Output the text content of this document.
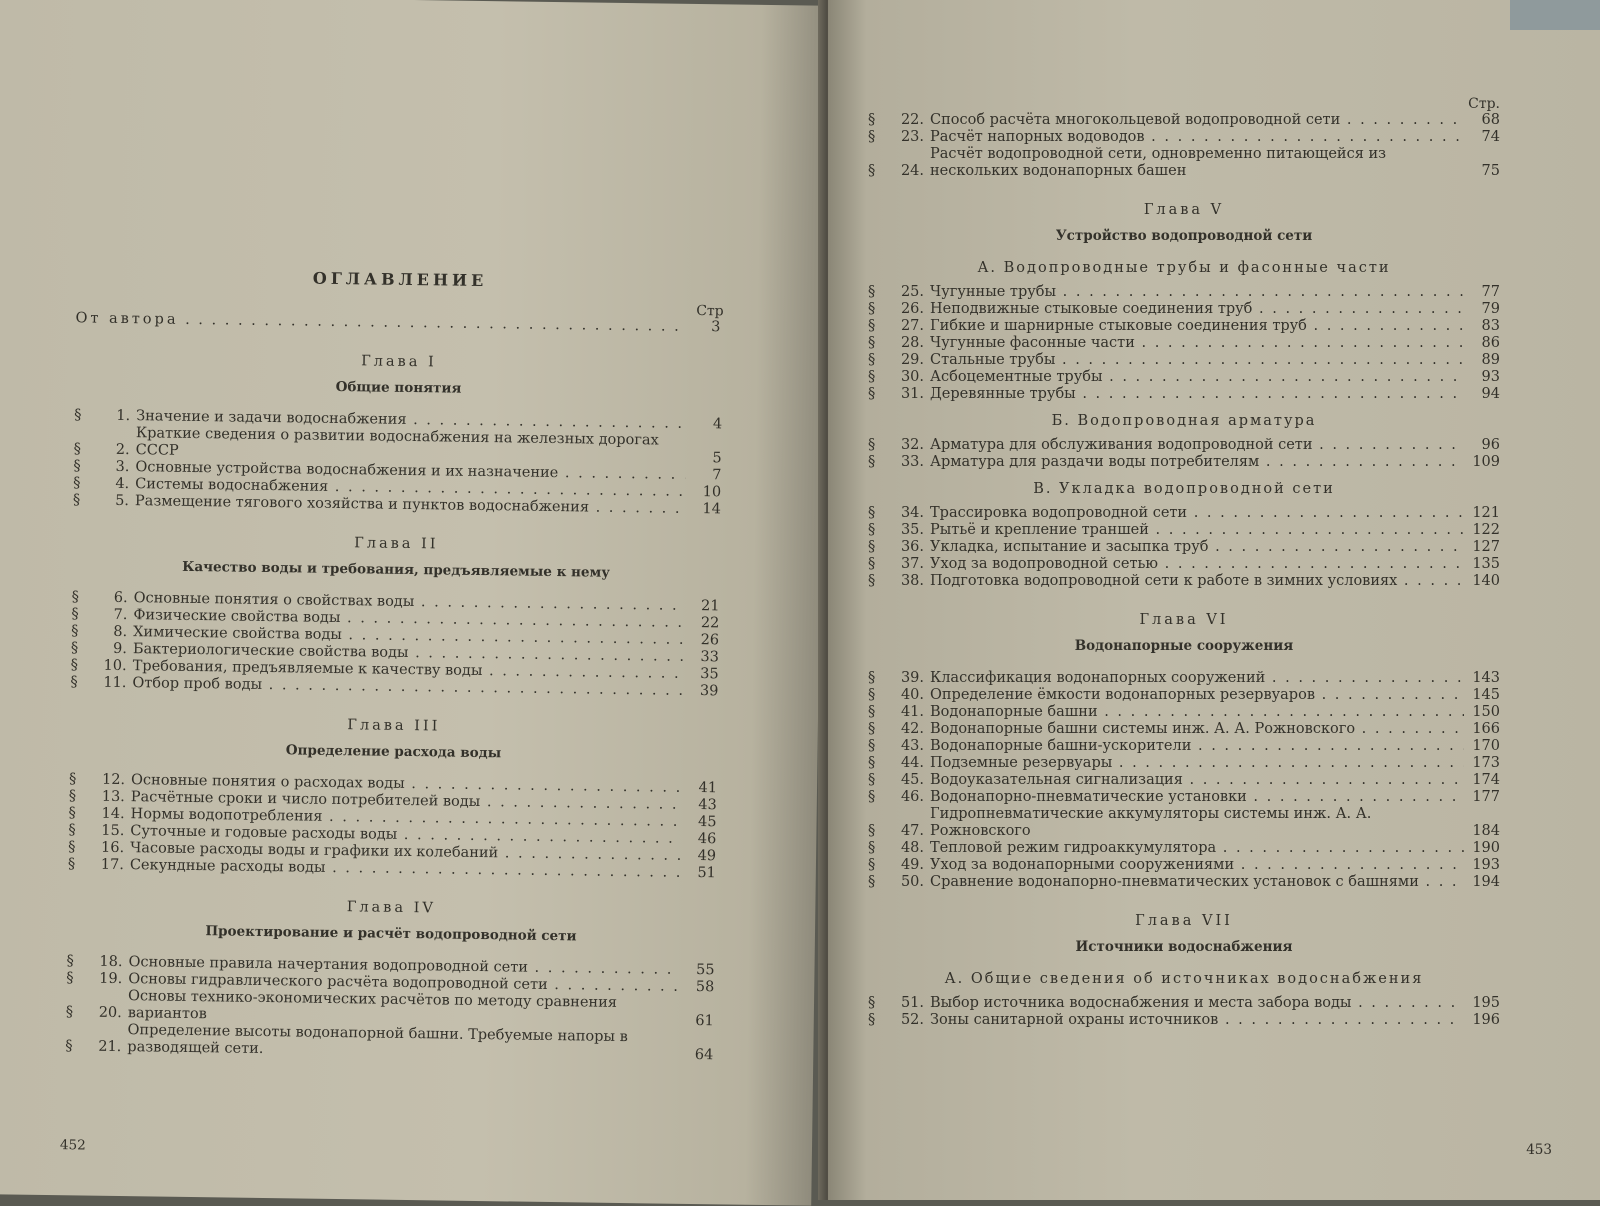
ОГЛАВЛЕНИЕ
Стр
От автора . . .	3
Глава I
Общие понятия
§	1. Значение и задачи водоснабжения . . .	4
§	2.
Краткие сведения о развитии водоснабжения на железных дорогах СССР	5
§	3. Основные устройства водоснабжения и их назначение . . .	7
§	4. Системы водоснабжения . . .	10
§	5. Размещение тягового хозяйства и пунктов водоснабжения . . .	14
Глава II
Качество воды и требования, предъявляемые к нему
§	6. Основные понятия о свойствах воды . . .	21
§	7. Физические свойства воды . . .	22
§	8. Химические свойства воды . . .	26
§	9. Бактериологические свойства воды . . .	33
§	10. Требования, предъявляемые к качеству воды . . .	35
§	11. Отбор проб воды . . .	39
Глава III
Определение расхода воды
§	12. Основные понятия о расходах воды . . .	41
§	13. Расчётные сроки и число потребителей воды . . .	43
§	14. Нормы водопотребления . . .	45
§	15. Суточные и годовые расходы воды . . .	46
§	16. Часовые расходы воды и графики их колебаний . . .	49
§	17. Секундные расходы воды . . .	51
Глава IV
Проектирование и расчёт водопроводной сети
§	18. Основные правила начертания водопроводной сети . . .	55
§	19. Основы гидравлического расчёта водопроводной сети . . .	58
§	20.
Основы технико-экономических расчётов по методу сравнения вариантов	61
§	21.
Определение высоты водонапорной башни. Требуемые напоры в разводящей сети.	64
452
Стр.
§	22. Способ расчёта многокольцевой водопроводной сети . . .	68
§	23. Расчёт напорных водоводов . . .	74
§	24.
Расчёт водопроводной сети, одновременно питающейся из нескольких водонапорных башен	75
Глава V
Устройство водопроводной сети
А. Водопроводные трубы и фасонные части
§	25. Чугунные трубы . . .	77
§	26. Неподвижные стыковые соединения труб . . .	79
§	27. Гибкие и шарнирные стыковые соединения труб . . .	83
§	28. Чугунные фасонные части . . .	86
§	29. Стальные трубы . . .	89
§	30. Асбоцементные трубы . . .	93
§	31. Деревянные трубы . . .	94
Б. Водопроводная арматура
§	32. Арматура для обслуживания водопроводной сети . . .	96
§	33. Арматура для раздачи воды потребителям . . .	109
В. Укладка водопроводной сети
§	34. Трассировка водопроводной сети . . .	121
§	35. Рытьё и крепление траншей . . .	122
§	36. Укладка, испытание и засыпка труб . . .	127
§	37. Уход за водопроводной сетью . . .	135
§	38. Подготовка водопроводной сети к работе в зимних условиях . . .	140
Глава VI
Водонапорные сооружения
§	39. Классификация водонапорных сооружений . . .	143
§	40. Определение ёмкости водонапорных резервуаров . . .	145
§	41. Водонапорные башни . . .	150
§	42. Водонапорные башни системы инж. А. А. Рожновского . . .	166
§	43. Водонапорные башни-ускорители . . .	170
§	44. Подземные резервуары . . .	173
§	45. Водоуказательная сигнализация . . .	174
§	46. Водонапорно-пневматические установки . . .	177
§	47.
Гидропневматические аккумуляторы системы инж. А. А. Рожновского	184
§	48. Тепловой режим гидроаккумулятора . . .	190
§	49. Уход за водонапорными сооружениями . . .	193
§	50. Сравнение водонапорно-пневматических установок с башнями . . .	194
Глава VII
Источники водоснабжения
А. Общие сведения об источниках водоснабжения
§	51. Выбор источника водоснабжения и места забора воды . . .	195
§	52. Зоны санитарной охраны источников . . .	196
453
